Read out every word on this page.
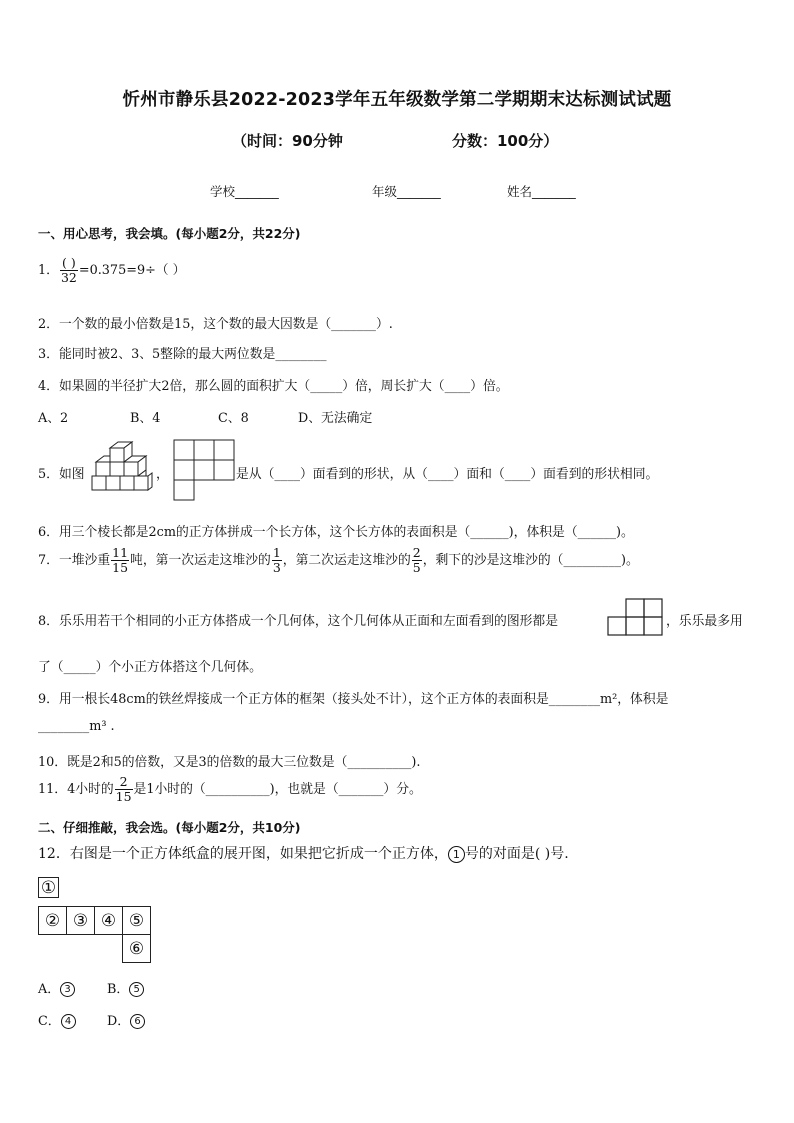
忻州市静乐县2022-2023学年五年级数学第二学期期末达标测试试题
（时间：90分钟	分数：100分）
学校_______	年级_______	姓名_______
一、用心思考，我会填。(每小题2分，共22分)
1． $\frac{( )}{32} =0.375=9\div$（ ）
2．一个数的最小倍数是15，这个数的最大因数是（_______）.
3．能同时被2、3、5整除的最大两位数是________
4．如果圆的半径扩大2倍，那么圆的面积扩大（_____）倍，周长扩大（____）倍。
A、2	B、4	C、8	D、无法确定
5．如图	，	是从（____）面看到的形状，从（____）面和（____）面看到的形状相同。
6．用三个棱长都是2cm的正方体拼成一个长方体，这个长方体的表面积是（______)，体积是（______)。
7．一堆沙重 $\frac{11}{15}$ 吨，第一次运走这堆沙的 $\frac{1}{3}$ ，第二次运走这堆沙的 $\frac{2}{5}$ ，剩下的沙是这堆沙的（_________)。
8．乐乐用若干个相同的小正方体搭成一个几何体，这个几何体从正面和左面看到的图形都是	，乐乐最多用
了（_____）个小正方体搭这个几何体。
9．用一根长48cm的铁丝焊接成一个正方体的框架（接头处不计），这个正方体的表面积是________m²，体积是
________m³ .
10．既是2和5的倍数，又是3的倍数的最大三位数是（__________).
11．4小时的 $\frac{2}{15}$ 是1小时的（__________)，也就是（_______）分。
二、仔细推敲，我会选。(每小题2分，共10分)
12．右图是一个正方体纸盒的展开图，如果把它折成一个正方体， 1 号的对面是( )号.
①
② ③ ④ ⑤
⑥
A． 3	B． 5
C． 4	D． 6
